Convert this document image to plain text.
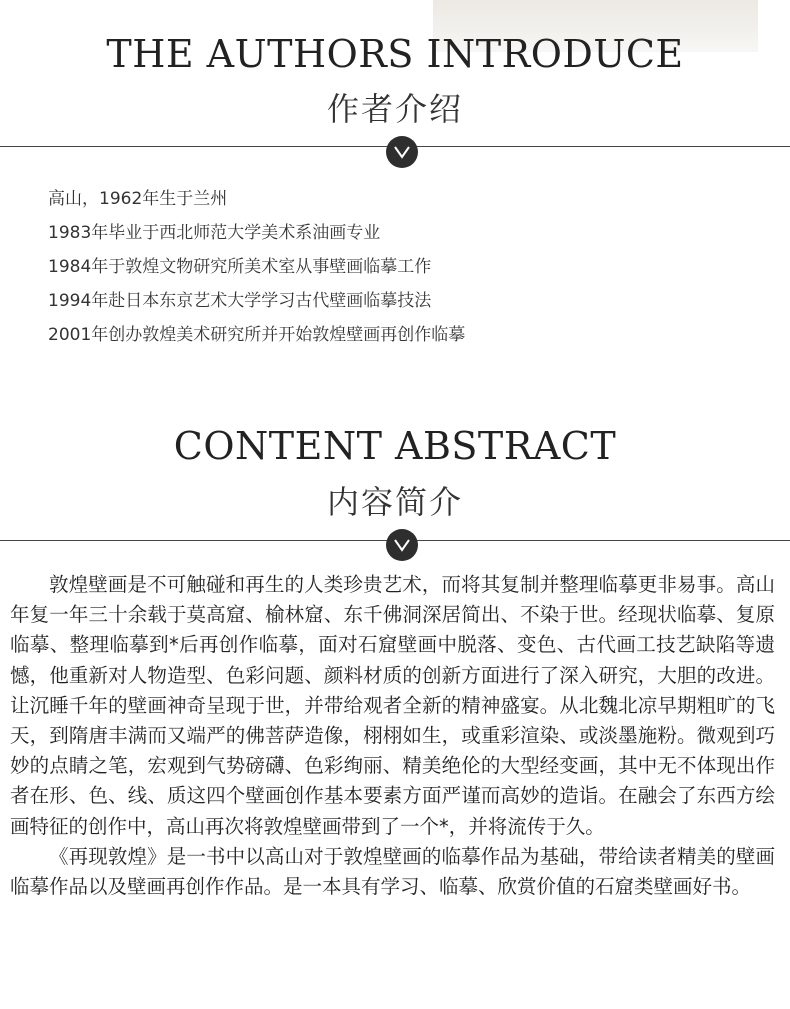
THE AUTHORS INTRODUCE
作者介绍
高山，1962年生于兰州
1983年毕业于西北师范大学美术系油画专业
1984年于敦煌文物研究所美术室从事壁画临摹工作
1994年赴日本东京艺术大学学习古代壁画临摹技法
2001年创办敦煌美术研究所并开始敦煌壁画再创作临摹
CONTENT ABSTRACT
内容简介

敦煌壁画是不可触碰和再生的人类珍贵艺术，而将其复制并整理临摹更非易事。高山年复一年三十余载于莫高窟、榆林窟、东千佛洞深居简出、不染于世。经现状临摹、复原临摹、整理临摹到*后再创作临摹，面对石窟壁画中脱落、变色、古代画工技艺缺陷等遗憾，他重新对人物造型、色彩问题、颜料材质的创新方面进行了深入研究，大胆的改进。让沉睡千年的壁画神奇呈现于世，并带给观者全新的精神盛宴。从北魏北凉早期粗旷的飞天，到隋唐丰满而又端严的佛菩萨造像，栩栩如生，或重彩渲染、或淡墨施粉。微观到巧妙的点睛之笔，宏观到气势磅礴、色彩绚丽、精美绝伦的大型经变画，其中无不体现出作者在形、色、线、质这四个壁画创作基本要素方面严谨而高妙的造诣。在融会了东西方绘画特征的创作中，高山再次将敦煌壁画带到了一个*，并将流传于久。

《再现敦煌》是一书中以高山对于敦煌壁画的临摹作品为基础，带给读者精美的壁画临摹作品以及壁画再创作作品。是一本具有学习、临摹、欣赏价值的石窟类壁画好书。
